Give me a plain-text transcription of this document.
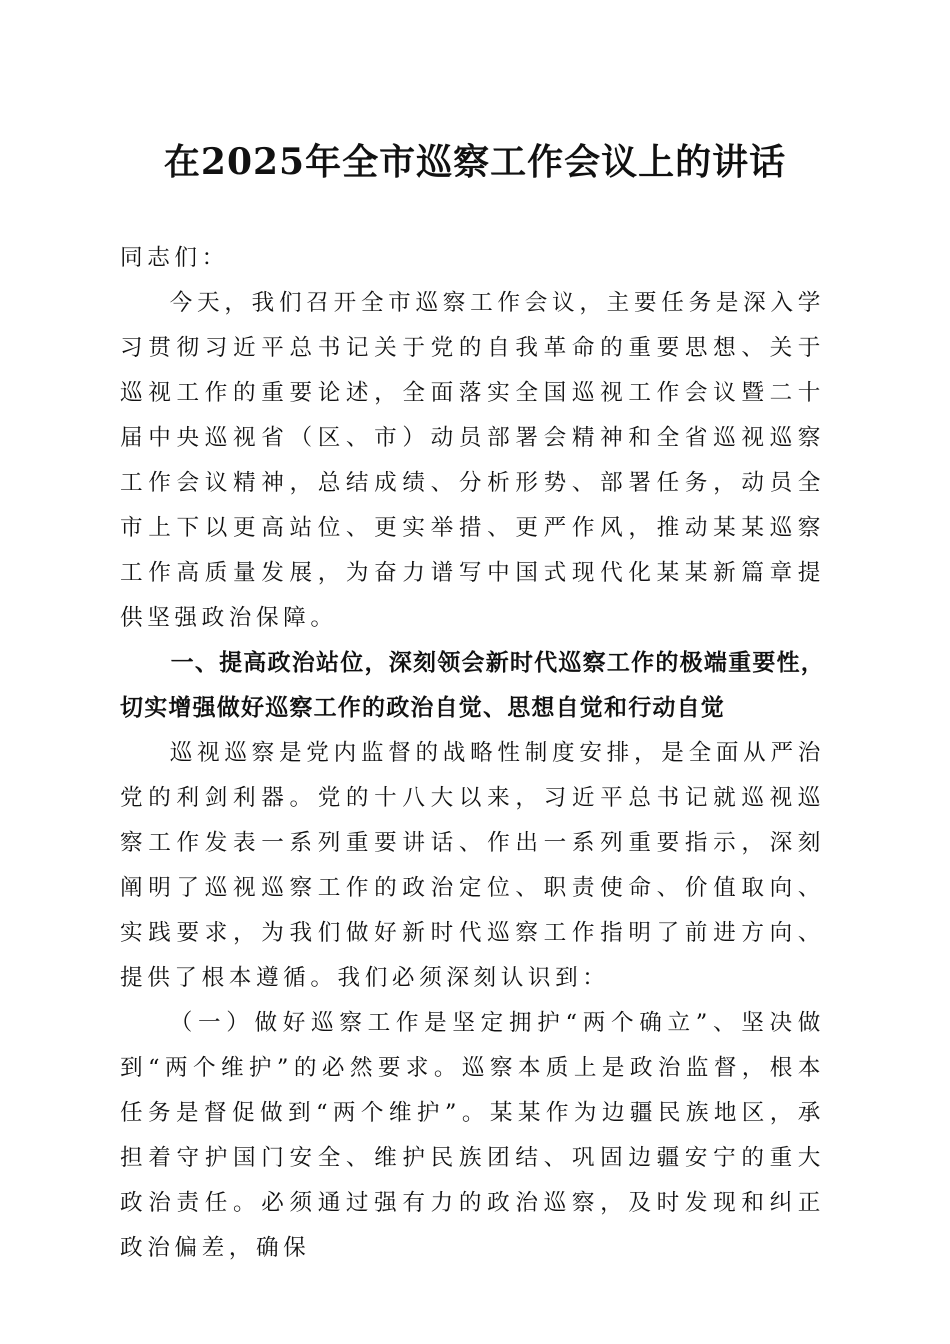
在2025年全市巡察工作会议上的讲话

同志们：

今天，我们召开全市巡察工作会议，主要任务是深入学习贯彻习近平总书记关于党的自我革命的重要思想、关于巡视工作的重要论述，全面落实全国巡视工作会议暨二十届中央巡视省（区、市）动员部署会精神和全省巡视巡察工作会议精神，总结成绩、分析形势、部署任务，动员全市上下以更高站位、更实举措、更严作风，推动某某巡察工作高质量发展，为奋力谱写中国式现代化某某新篇章提供坚强政治保障。

一、提高政治站位，深刻领会新时代巡察工作的极端重要性，切实增强做好巡察工作的政治自觉、思想自觉和行动自觉

巡视巡察是党内监督的战略性制度安排，是全面从严治党的利剑利器。党的十八大以来，习近平总书记就巡视巡察工作发表一系列重要讲话、作出一系列重要指示，深刻阐明了巡视巡察工作的政治定位、职责使命、价值取向、实践要求，为我们做好新时代巡察工作指明了前进方向、提供了根本遵循。我们必须深刻认识到：

（一）做好巡察工作是坚定拥护“两个确立”、坚决做到“两个维护”的必然要求。巡察本质上是政治监督，根本任务是督促做到“两个维护”。某某作为边疆民族地区，承担着守护国门安全、维护民族团结、巩固边疆安宁的重大政治责任。必须通过强有力的政治巡察，及时发现和纠正政治偏差，确保
